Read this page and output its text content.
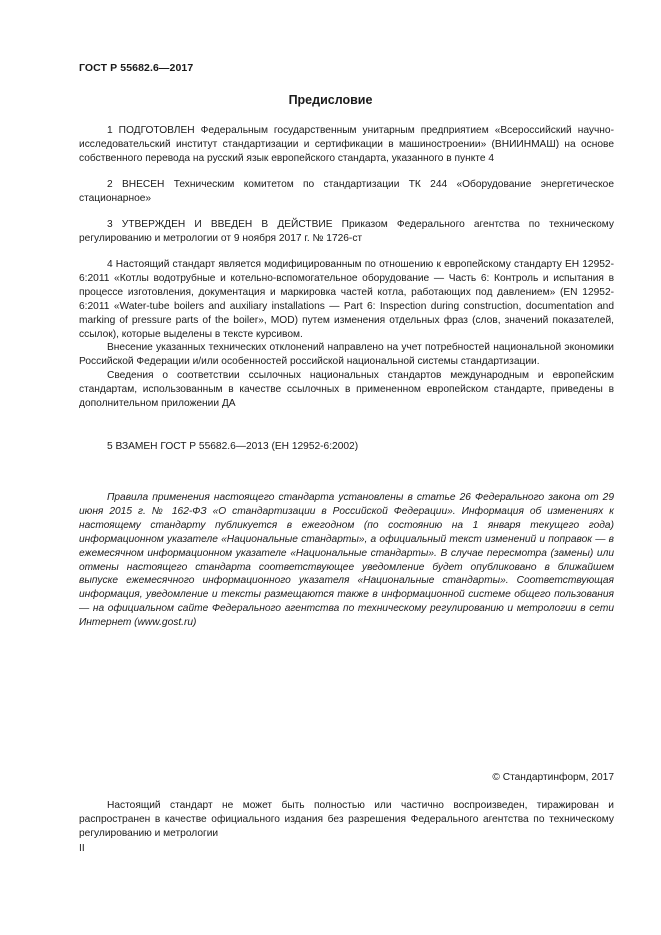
ГОСТ Р 55682.6—2017
Предисловие

1 ПОДГОТОВЛЕН Федеральным государственным унитарным предприятием «Всероссийский научно-исследовательский институт стандартизации и сертификации в машиностроении» (ВНИИНМАШ) на основе собственного перевода на русский язык европейского стандарта, указанного в пункте 4

2 ВНЕСЕН Техническим комитетом по стандартизации ТК 244 «Оборудование энергетическое стационарное»

3 УТВЕРЖДЕН И ВВЕДЕН В ДЕЙСТВИЕ Приказом Федерального агентства по техническому регулированию и метрологии от 9 ноября 2017 г. № 1726-ст

4 Настоящий стандарт является модифицированным по отношению к европейскому стандарту ЕН 12952-6:2011 «Котлы водотрубные и котельно-вспомогательное оборудование — Часть 6: Контроль и испытания в процессе изготовления, документация и маркировка частей котла, работающих под давлением» (EN 12952-6:2011 «Water-tube boilers and auxiliary installations — Part 6: Inspection during construction, documentation and marking of pressure parts of the boiler», MOD) путем изменения отдельных фраз (слов, значений показателей, ссылок), которые выделены в тексте курсивом.

Внесение указанных технических отклонений направлено на учет потребностей национальной экономики Российской Федерации и/или особенностей российской национальной системы стандартизации.

Сведения о соответствии ссылочных национальных стандартов международным и европейским стандартам, использованным в качестве ссылочных в примененном европейском стандарте, приведены в дополнительном приложении ДА

5 ВЗАМЕН ГОСТ Р 55682.6—2013 (ЕН 12952-6:2002)

Правила применения настоящего стандарта установлены в статье 26 Федерального закона от 29 июня 2015 г. № 162-ФЗ «О стандартизации в Российской Федерации». Информация об изменениях к настоящему стандарту публикуется в ежегодном (по состоянию на 1 января текущего года) информационном указателе «Национальные стандарты», а официальный текст изменений и поправок — в ежемесячном информационном указателе «Национальные стандарты». В случае пересмотра (замены) или отмены настоящего стандарта соответствующее уведомление будет опубликовано в ближайшем выпуске ежемесячного информационного указателя «Национальные стандарты». Соответствующая информация, уведомление и тексты размещаются также в информационной системе общего пользования — на официальном сайте Федерального агентства по техническому регулированию и метрологии в сети Интернет (www.gost.ru)

© Стандартинформ, 2017

Настоящий стандарт не может быть полностью или частично воспроизведен, тиражирован и распространен в качестве официального издания без разрешения Федерального агентства по техническому регулированию и метрологии

II
